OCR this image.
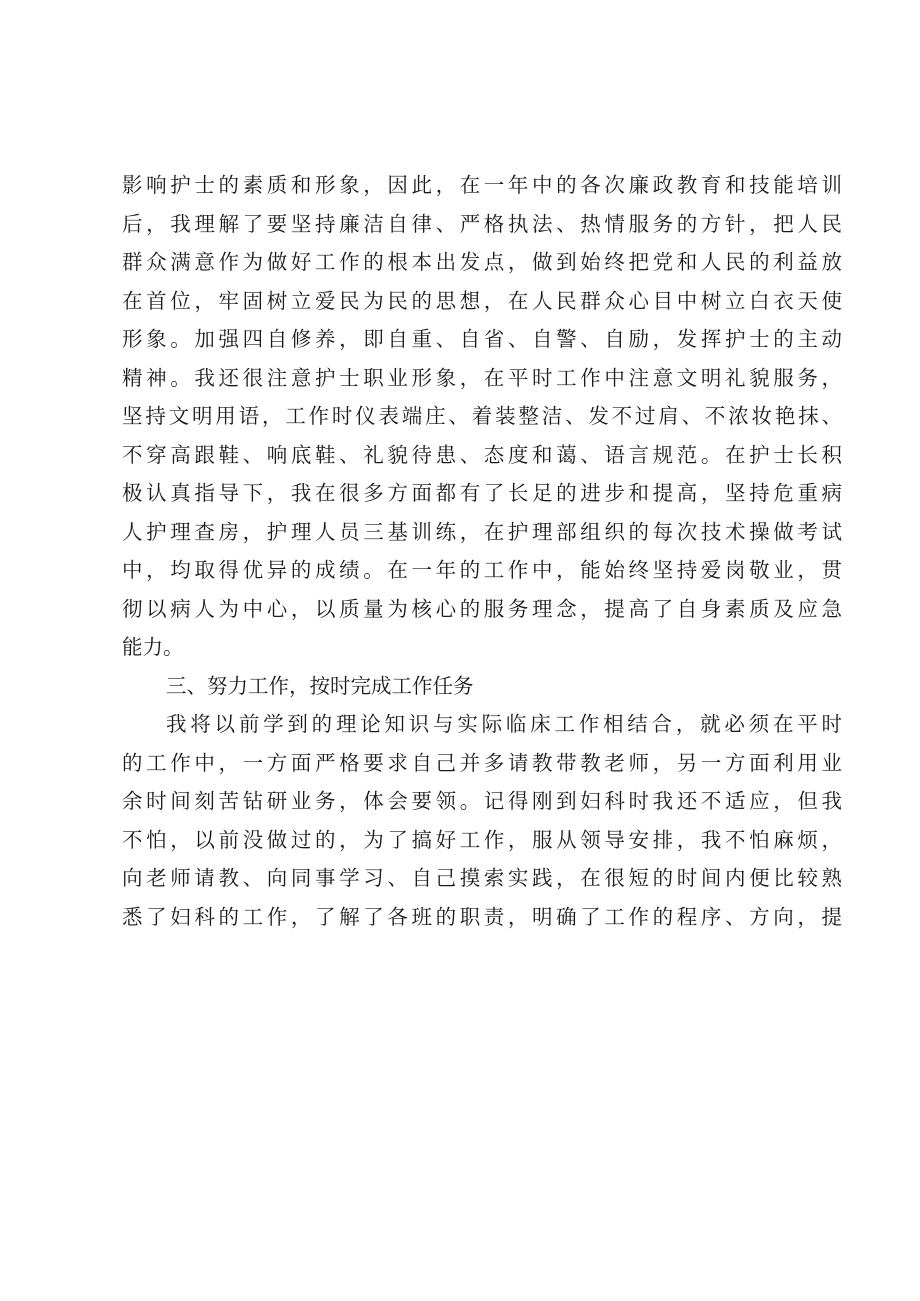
影响护士的素质和形象，因此，在一年中的各次廉政教育和技能培训
后，我理解了要坚持廉洁自律、严格执法、热情服务的方针，把人民
群众满意作为做好工作的根本出发点，做到始终把党和人民的利益放
在首位，牢固树立爱民为民的思想，在人民群众心目中树立白衣天使
形象。加强四自修养，即自重、自省、自警、自励，发挥护士的主动
精神。我还很注意护士职业形象，在平时工作中注意文明礼貌服务，
坚持文明用语，工作时仪表端庄、着装整洁、发不过肩、不浓妆艳抹、
不穿高跟鞋、响底鞋、礼貌待患、态度和蔼、语言规范。在护士长积
极认真指导下，我在很多方面都有了长足的进步和提高，坚持危重病
人护理查房，护理人员三基训练，在护理部组织的每次技术操做考试
中，均取得优异的成绩。在一年的工作中，能始终坚持爱岗敬业，贯
彻以病人为中心，以质量为核心的服务理念，提高了自身素质及应急
能力。
三、努力工作，按时完成工作任务
我将以前学到的理论知识与实际临床工作相结合，就必须在平时
的工作中，一方面严格要求自己并多请教带教老师，另一方面利用业
余时间刻苦钻研业务，体会要领。记得刚到妇科时我还不适应，但我
不怕，以前没做过的，为了搞好工作，服从领导安排，我不怕麻烦，
向老师请教、向同事学习、自己摸索实践，在很短的时间内便比较熟
悉了妇科的工作，了解了各班的职责，明确了工作的程序、方向，提
